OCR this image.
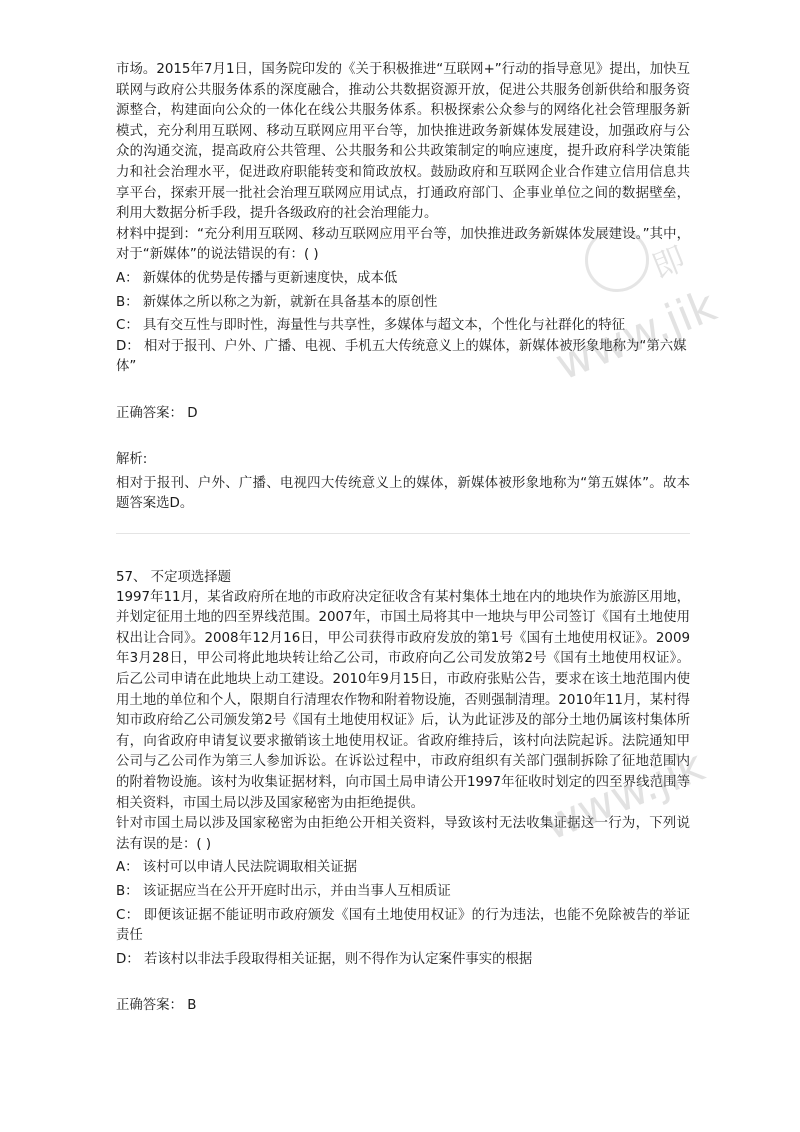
市场。2015年7月1日，国务院印发的《关于积极推进“互联网+”行动的指导意见》提出，加快互联网与政府公共服务体系的深度融合，推动公共数据资源开放，促进公共服务创新供给和服务资源整合，构建面向公众的一体化在线公共服务体系。积极探索公众参与的网络化社会管理服务新模式，充分利用互联网、移动互联网应用平台等，加快推进政务新媒体发展建设，加强政府与公众的沟通交流，提高政府公共管理、公共服务和公共政策制定的响应速度，提升政府科学决策能力和社会治理水平，促进政府职能转变和简政放权。鼓励政府和互联网企业合作建立信用信息共享平台，探索开展一批社会治理互联网应用试点，打通政府部门、企事业单位之间的数据壁垒，利用大数据分析手段，提升各级政府的社会治理能力。

材料中提到：“充分利用互联网、移动互联网应用平台等，加快推进政务新媒体发展建设。”其中，对于“新媒体”的说法错误的有：( )

A： 新媒体的优势是传播与更新速度快，成本低

B： 新媒体之所以称之为新，就新在具备基本的原创性

C： 具有交互性与即时性，海量性与共享性，多媒体与超文本，个性化与社群化的特征

D： 相对于报刊、户外、广播、电视、手机五大传统意义上的媒体，新媒体被形象地称为“第六媒体”

正确答案： D

解析:

相对于报刊、户外、广播、电视四大传统意义上的媒体，新媒体被形象地称为“第五媒体”。故本题答案选D。

57、 不定项选择题

1997年11月，某省政府所在地的市政府决定征收含有某村集体土地在内的地块作为旅游区用地，并划定征用土地的四至界线范围。2007年，市国土局将其中一地块与甲公司签订《国有土地使用权出让合同》。2008年12月16日，甲公司获得市政府发放的第1号《国有土地使用权证》。2009年3月28日，甲公司将此地块转让给乙公司，市政府向乙公司发放第2号《国有土地使用权证》。后乙公司申请在此地块上动工建设。2010年9月15日，市政府张贴公告，要求在该土地范围内使用土地的单位和个人，限期自行清理农作物和附着物设施，否则强制清理。2010年11月，某村得知市政府给乙公司颁发第2号《国有土地使用权证》后，认为此证涉及的部分土地仍属该村集体所有，向省政府申请复议要求撤销该土地使用权证。省政府维持后，该村向法院起诉。法院通知甲公司与乙公司作为第三人参加诉讼。在诉讼过程中，市政府组织有关部门强制拆除了征地范围内的附着物设施。该村为收集证据材料，向市国土局申请公开1997年征收时划定的四至界线范围等相关资料，市国土局以涉及国家秘密为由拒绝提供。

针对市国土局以涉及国家秘密为由拒绝公开相关资料，导致该村无法收集证据这一行为，下列说法有误的是：( )

A： 该村可以申请人民法院调取相关证据

B： 该证据应当在公开开庭时出示，并由当事人互相质证

C： 即便该证据不能证明市政府颁发《国有土地使用权证》的行为违法，也能不免除被告的举证责任

D： 若该村以非法手段取得相关证据，则不得作为认定案件事实的根据

正确答案： B

即
www.jik
www.jik
